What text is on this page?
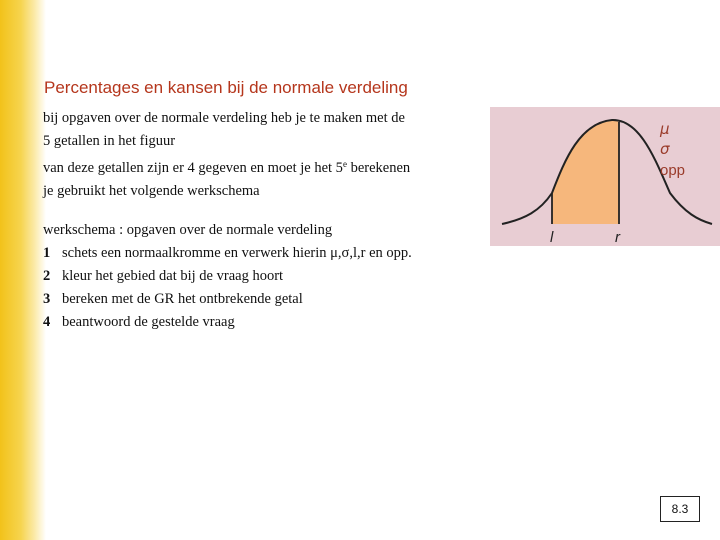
Percentages en kansen bij de normale verdeling

bij opgaven over de normale verdeling heb je te maken met de

5 getallen in het figuur

van deze getallen zijn er 4 gegeven en moet je het 5e berekenen

je gebruikt het volgende werkschema

werkschema : opgaven over de normale verdeling

1 schets een normaalkromme en verwerk hierin μ,σ,l,r en opp.

2 kleur het gebied dat bij de vraag hoort

3 bereken met de GR het ontbrekende getal

4 beantwoord de gestelde vraag

l	r
μ
σ
opp
8.3
